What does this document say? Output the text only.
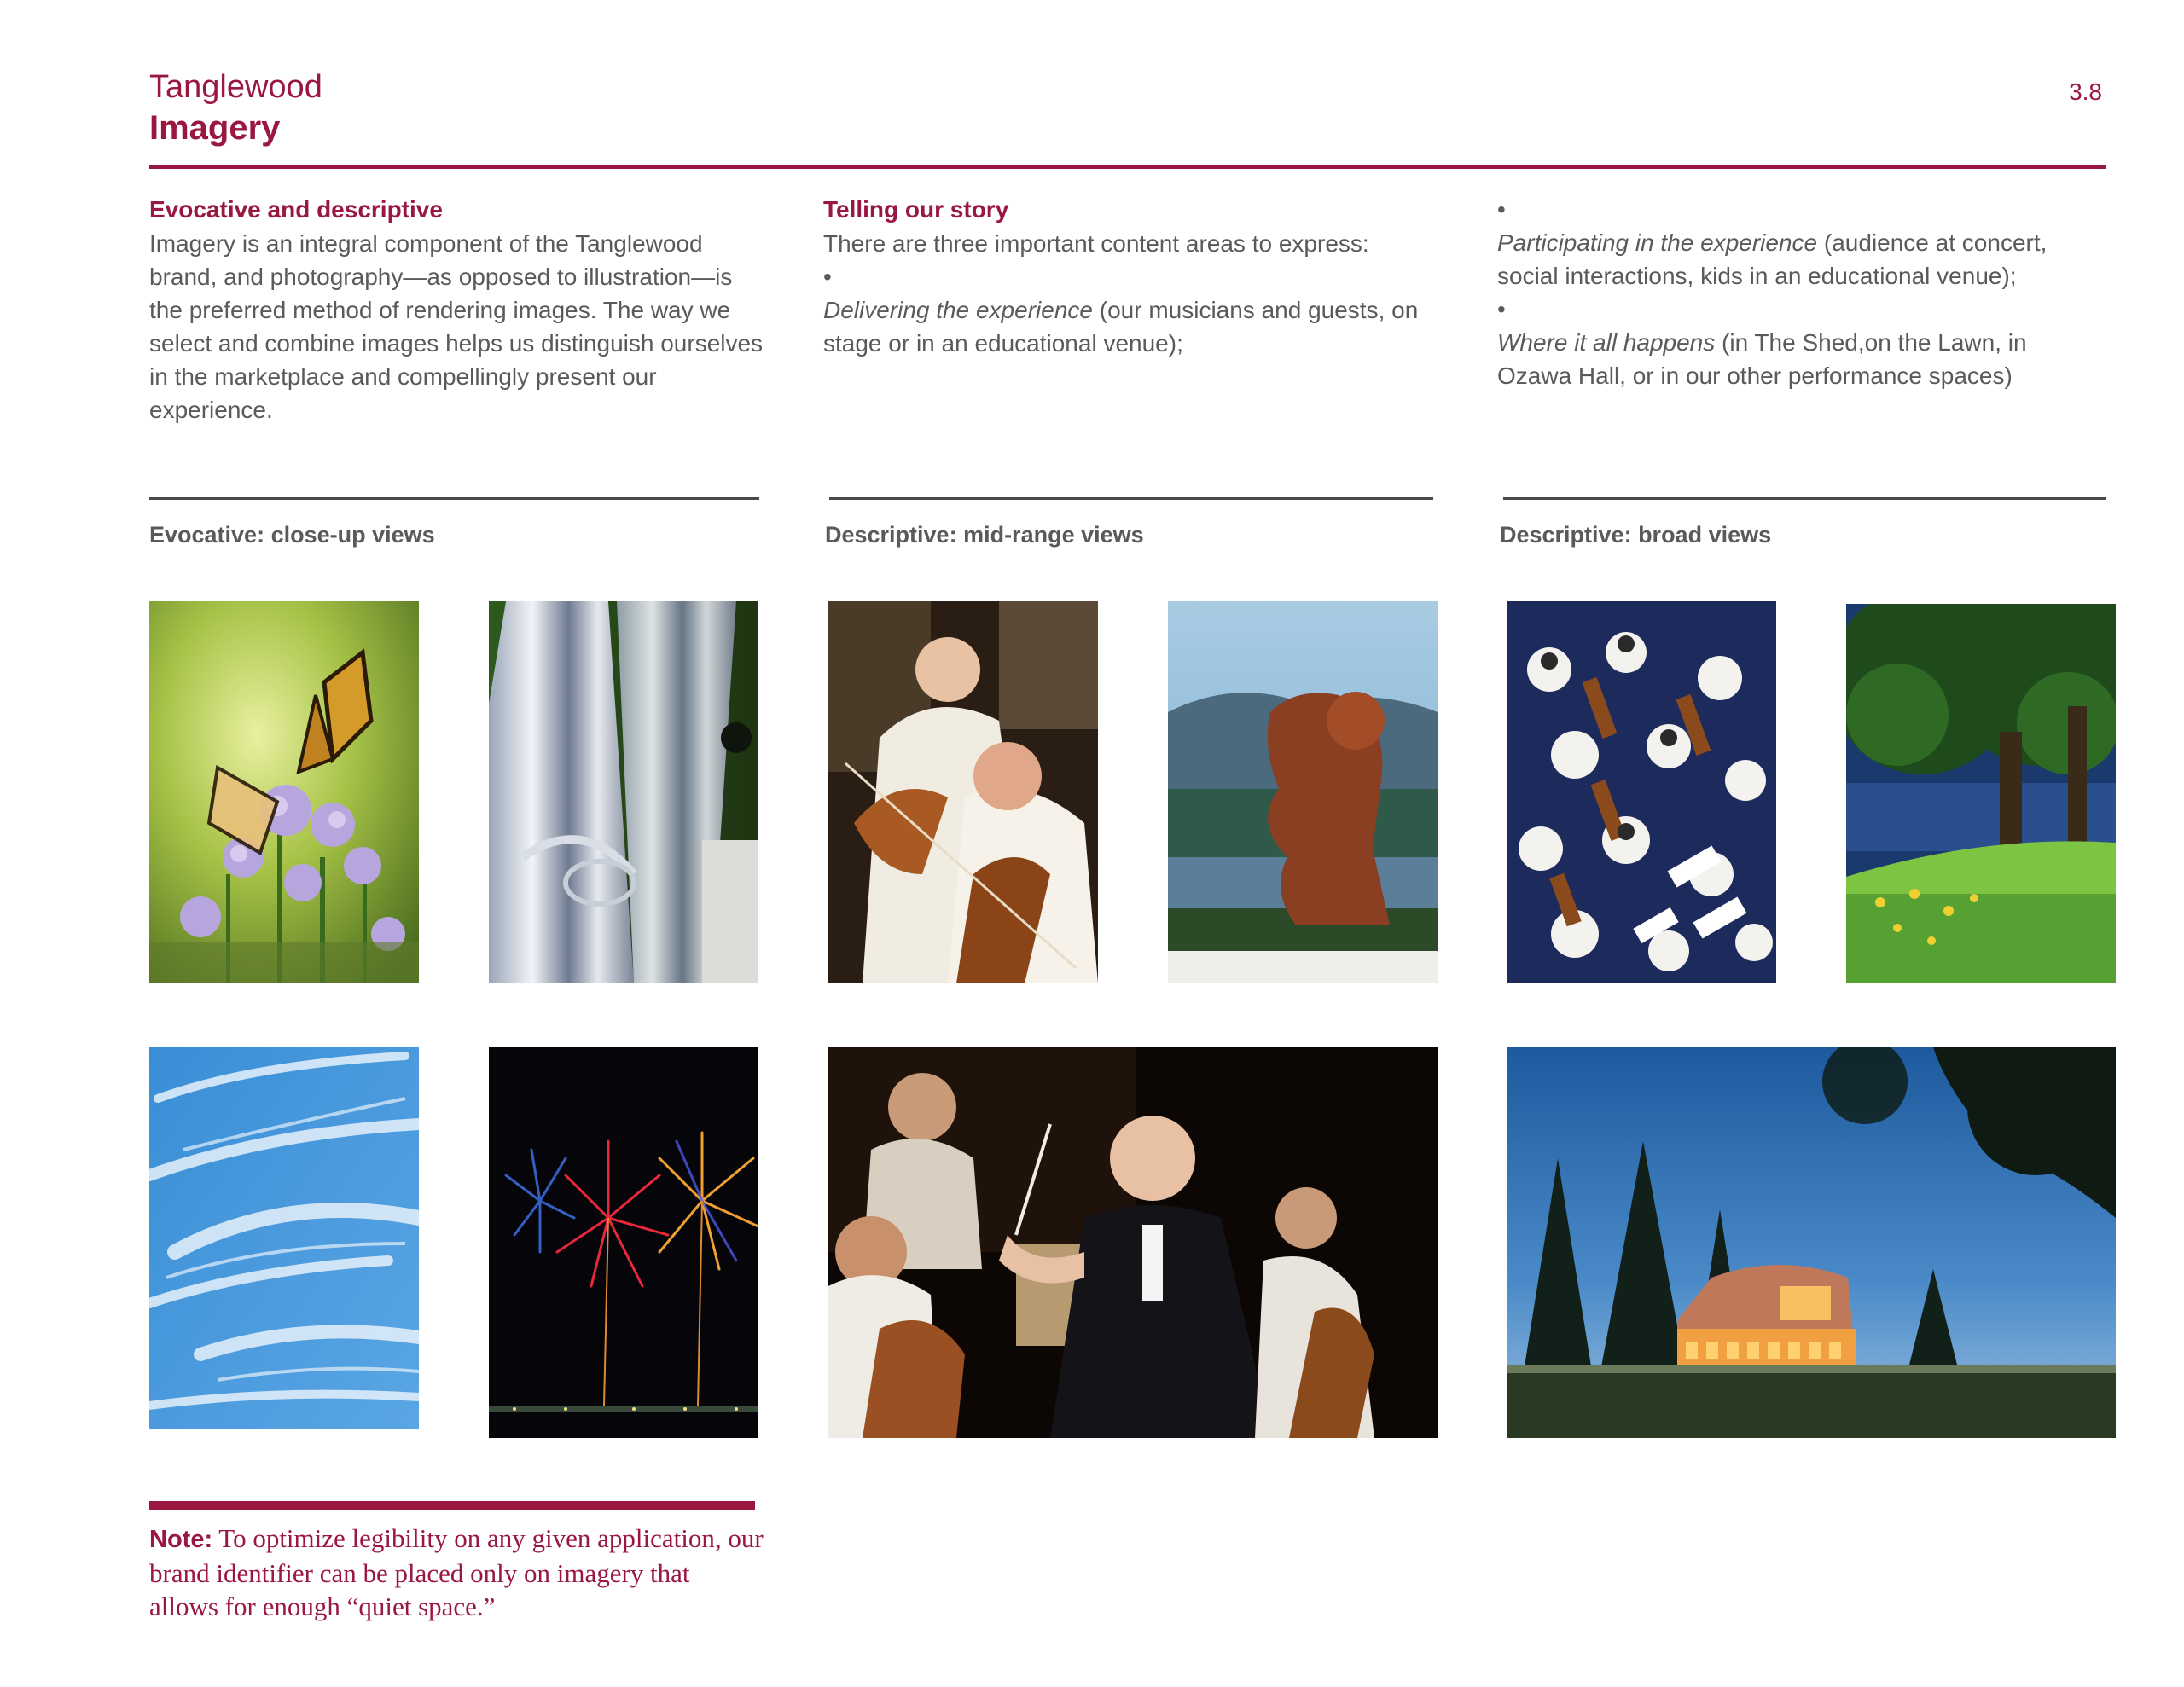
Tanglewood
Imagery
3.8
Evocative and descriptive
Imagery is an integral component of the Tanglewood brand, and photography—as opposed to illustration—is the preferred method of rendering images. The way we select and combine images helps us distinguish ourselves in the marketplace and compellingly present our experience.
Telling our story
There are three important content areas to express:
•
Delivering the experience (our musicians and guests, on stage or in an educational venue);
•
Participating in the experience (audience at concert, social interactions, kids in an educational venue);
•
Where it all happens (in The Shed,on the Lawn, in Ozawa Hall, or in our other performance spaces)
Evocative: close-up views	Descriptive: mid-range views	Descriptive: broad views
Note: To optimize legibility on any given application, our brand identifier can be placed only on imagery that allows for enough “quiet space.”
